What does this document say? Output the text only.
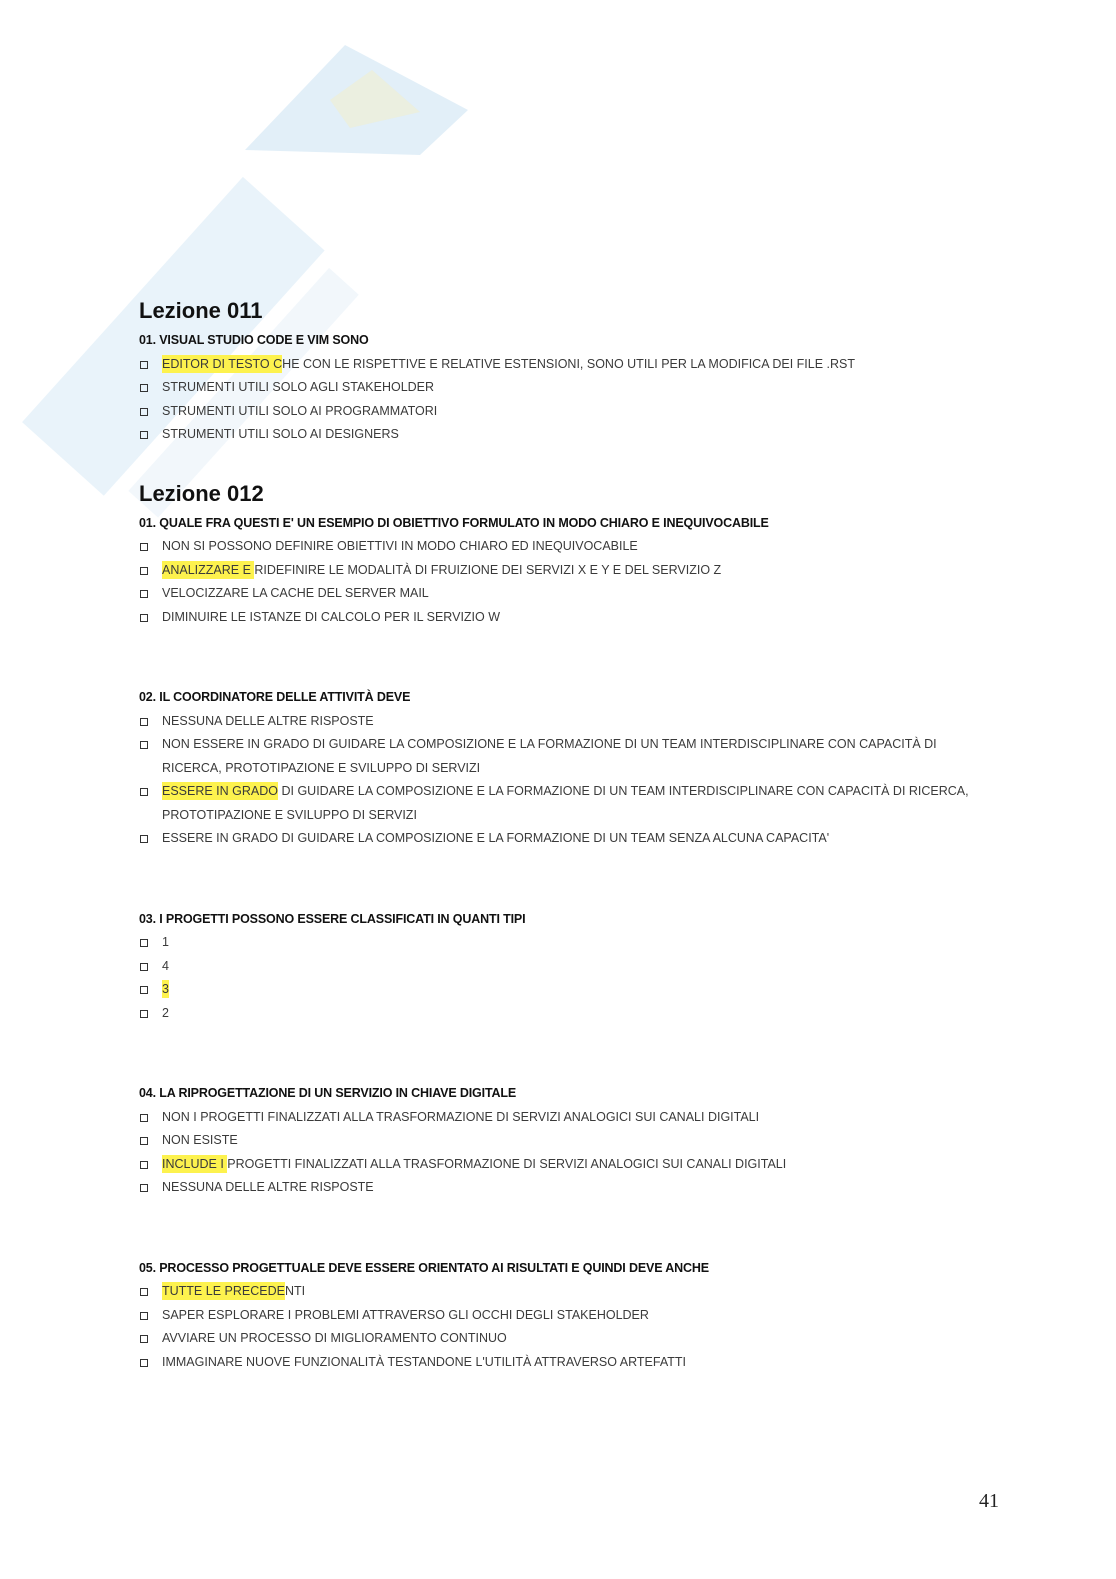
Lezione 011
01. VISUAL STUDIO CODE E VIM SONO
EDITOR DI TESTO CHE CON LE RISPETTIVE E RELATIVE ESTENSIONI, SONO UTILI PER LA MODIFICA DEI FILE .RST
STRUMENTI UTILI SOLO AGLI STAKEHOLDER
STRUMENTI UTILI SOLO AI PROGRAMMATORI
STRUMENTI UTILI SOLO AI DESIGNERS
Lezione 012
01. QUALE FRA QUESTI E' UN ESEMPIO DI OBIETTIVO FORMULATO IN MODO CHIARO E INEQUIVOCABILE
NON SI POSSONO DEFINIRE OBIETTIVI IN MODO CHIARO ED INEQUIVOCABILE
ANALIZZARE E RIDEFINIRE LE MODALITÀ DI FRUIZIONE DEI SERVIZI X E Y E DEL SERVIZIO Z
VELOCIZZARE LA CACHE DEL SERVER MAIL
DIMINUIRE LE ISTANZE DI CALCOLO PER IL SERVIZIO W
02. IL COORDINATORE DELLE ATTIVITÀ DEVE
NESSUNA DELLE ALTRE RISPOSTE
NON ESSERE IN GRADO DI GUIDARE LA COMPOSIZIONE E LA FORMAZIONE DI UN TEAM INTERDISCIPLINARE CON CAPACITÀ DI RICERCA, PROTOTIPAZIONE E SVILUPPO DI SERVIZI
ESSERE IN GRADO DI GUIDARE LA COMPOSIZIONE E LA FORMAZIONE DI UN TEAM INTERDISCIPLINARE CON CAPACITÀ DI RICERCA, PROTOTIPAZIONE E SVILUPPO DI SERVIZI
ESSERE IN GRADO DI GUIDARE LA COMPOSIZIONE E LA FORMAZIONE DI UN TEAM SENZA ALCUNA CAPACITA'
03. I PROGETTI POSSONO ESSERE CLASSIFICATI IN QUANTI TIPI
1
4
3
2
04. LA RIPROGETTAZIONE DI UN SERVIZIO IN CHIAVE DIGITALE
NON I PROGETTI FINALIZZATI ALLA TRASFORMAZIONE DI SERVIZI ANALOGICI SUI CANALI DIGITALI
NON ESISTE
INCLUDE I PROGETTI FINALIZZATI ALLA TRASFORMAZIONE DI SERVIZI ANALOGICI SUI CANALI DIGITALI
NESSUNA DELLE ALTRE RISPOSTE
05. PROCESSO PROGETTUALE DEVE ESSERE ORIENTATO AI RISULTATI E QUINDI DEVE ANCHE
TUTTE LE PRECEDENTI
SAPER ESPLORARE I PROBLEMI ATTRAVERSO GLI OCCHI DEGLI STAKEHOLDER
AVVIARE UN PROCESSO DI MIGLIORAMENTO CONTINUO
IMMAGINARE NUOVE FUNZIONALITÀ TESTANDONE L'UTILITÀ ATTRAVERSO ARTEFATTI
41
